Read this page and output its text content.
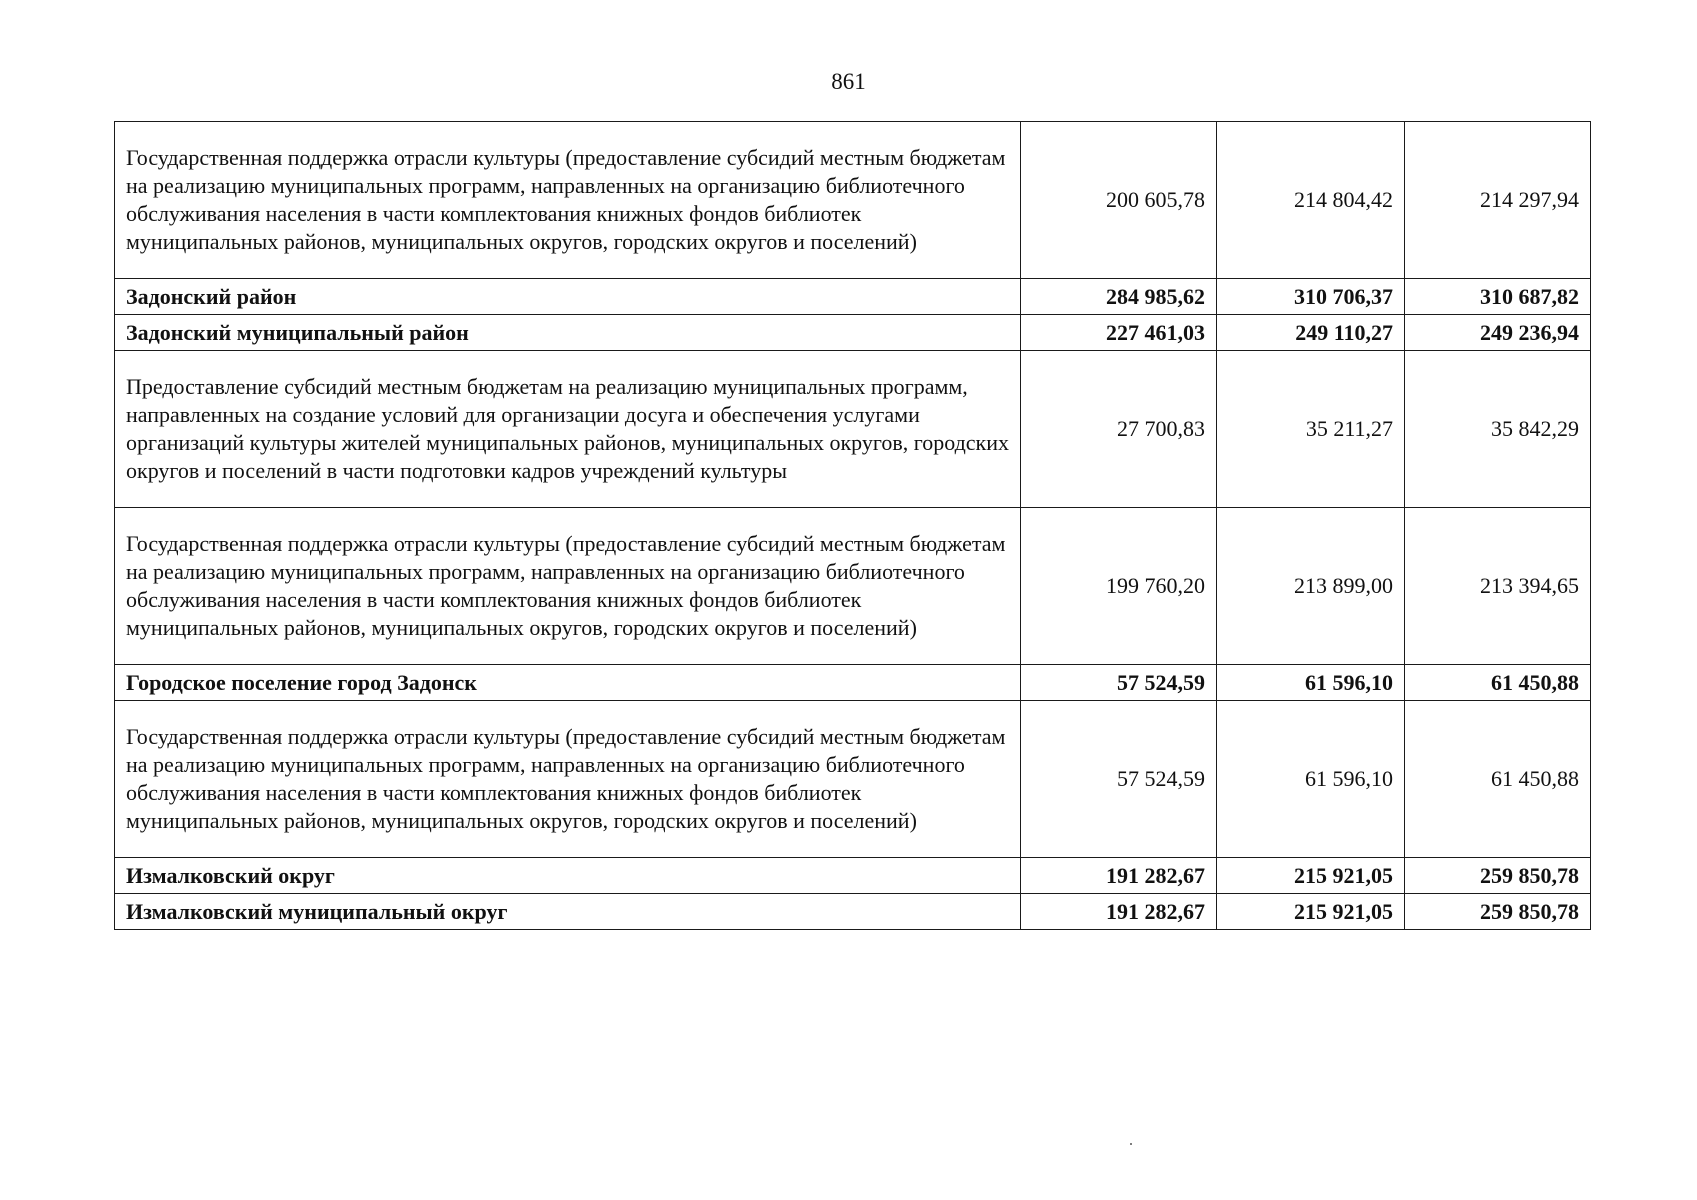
861
Государственная поддержка отрасли культуры (предоставление субсидий местным бюджетам на реализацию муниципальных программ, направленных на организацию библиотечного обслуживания населения в части комплектования книжных фондов библиотек муниципальных районов, муниципальных округов, городских округов и поселений)	200 605,78	214 804,42	214 297,94
Задонский район	284 985,62	310 706,37	310 687,82
Задонский муниципальный район	227 461,03	249 110,27	249 236,94
Предоставление субсидий местным бюджетам на реализацию муниципальных программ, направленных на создание условий для организации досуга и обеспечения услугами организаций культуры жителей муниципальных районов, муниципальных округов, городских округов и поселений в части подготовки кадров учреждений культуры	27 700,83	35 211,27	35 842,29
Государственная поддержка отрасли культуры (предоставление субсидий местным бюджетам на реализацию муниципальных программ, направленных на организацию библиотечного обслуживания населения в части комплектования книжных фондов библиотек муниципальных районов, муниципальных округов, городских округов и поселений)	199 760,20	213 899,00	213 394,65
Городское поселение город Задонск	57 524,59	61 596,10	61 450,88
Государственная поддержка отрасли культуры (предоставление субсидий местным бюджетам на реализацию муниципальных программ, направленных на организацию библиотечного обслуживания населения в части комплектования книжных фондов библиотек муниципальных районов, муниципальных округов, городских округов и поселений)	57 524,59	61 596,10	61 450,88
Измалковский округ	191 282,67	215 921,05	259 850,78
Измалковский муниципальный округ	191 282,67	215 921,05	259 850,78
